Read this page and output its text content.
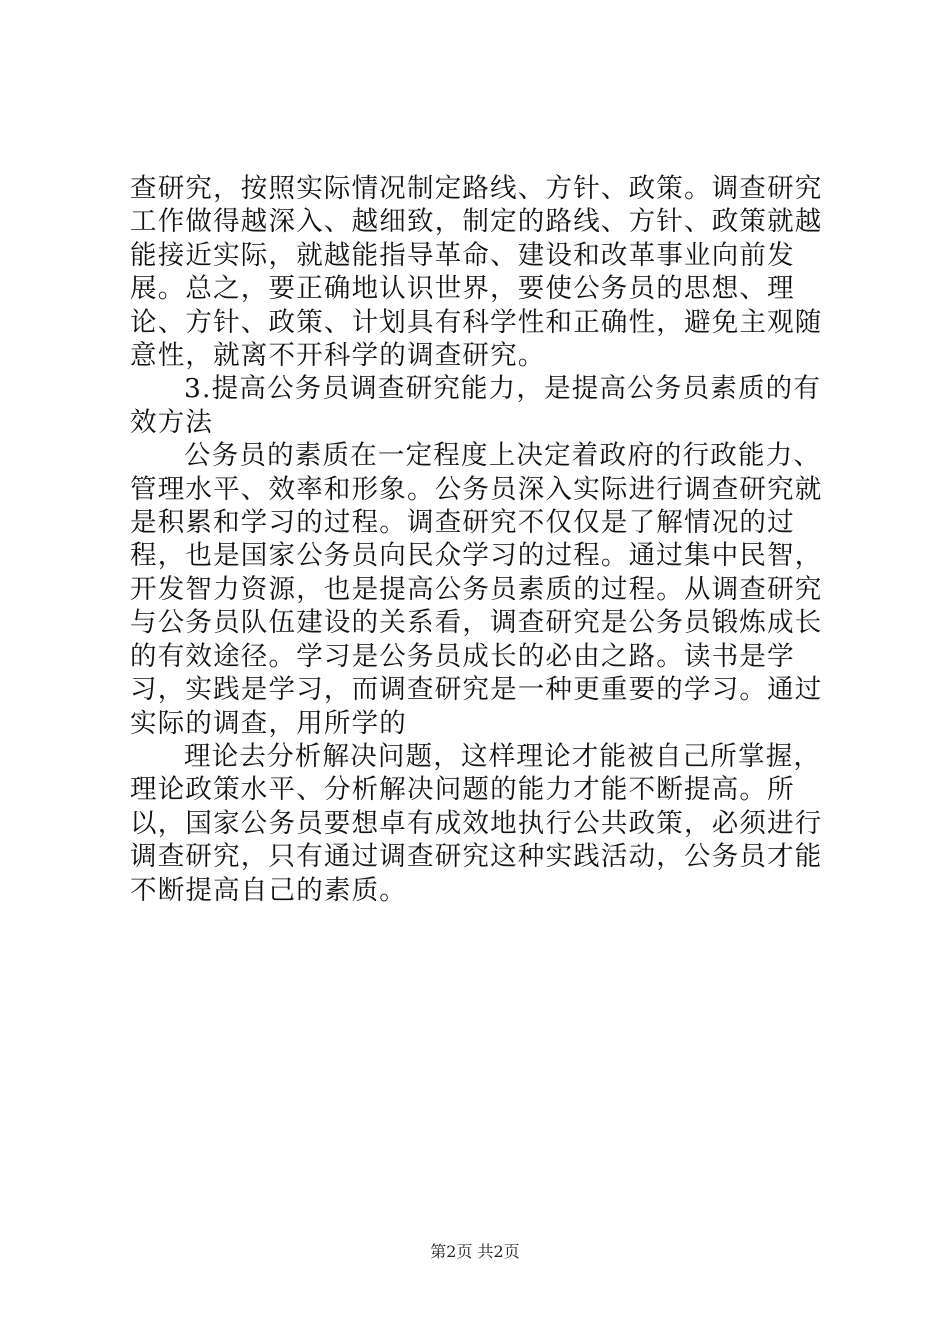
查研究，按照实际情况制定路线、方针、政策。调查研究工作做得越深入、越细致，制定的路线、方针、政策就越能接近实际，就越能指导革命、建设和改革事业向前发展。总之，要正确地认识世界，要使公务员的思想、理论、方针、政策、计划具有科学性和正确性，避免主观随意性，就离不开科学的调查研究。

3.提高公务员调查研究能力，是提高公务员素质的有效方法

公务员的素质在一定程度上决定着政府的行政能力、管理水平、效率和形象。公务员深入实际进行调查研究就是积累和学习的过程。调查研究不仅仅是了解情况的过程，也是国家公务员向民众学习的过程。通过集中民智，开发智力资源，也是提高公务员素质的过程。从调查研究与公务员队伍建设的关系看，调查研究是公务员锻炼成长的有效途径。学习是公务员成长的必由之路。读书是学习，实践是学习，而调查研究是一种更重要的学习。通过实际的调查，用所学的

理论去分析解决问题，这样理论才能被自己所掌握，理论政策水平、分析解决问题的能力才能不断提高。所以，国家公务员要想卓有成效地执行公共政策，必须进行调查研究，只有通过调查研究这种实践活动，公务员才能不断提高自己的素质。

第2页 共2页
